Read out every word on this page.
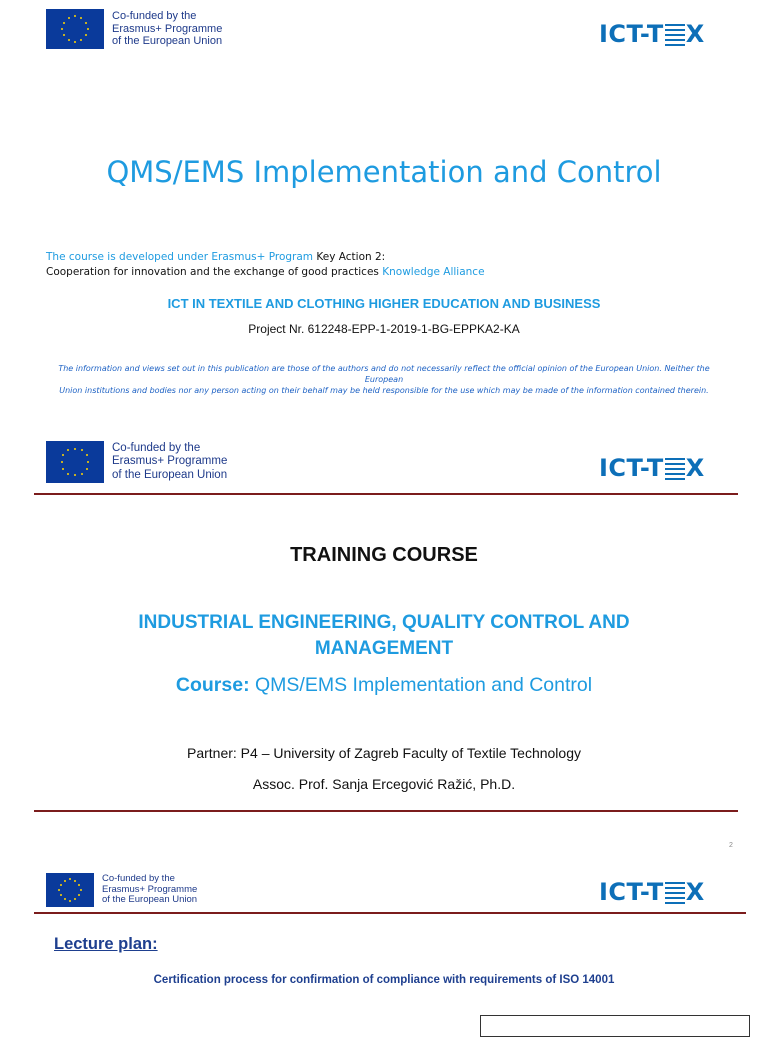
Co-funded by the
Erasmus+ Programme
of the European Union	ICT-T X
QMS/EMS Implementation and Control
The course is developed under Erasmus+ Program Key Action 2:
Cooperation for innovation and the exchange of good practices Knowledge Alliance
ICT IN TEXTILE AND CLOTHING HIGHER EDUCATION AND BUSINESS
Project Nr. 612248-EPP-1-2019-1-BG-EPPKA2-KA
The information and views set out in this publication are those of the authors and do not necessarily reflect the official opinion of the European Union. Neither the European
Union institutions and bodies nor any person acting on their behalf may be held responsible for the use which may be made of the information contained therein.
Co-funded by the
Erasmus+ Programme
of the European Union	ICT-T X
TRAINING COURSE
INDUSTRIAL ENGINEERING, QUALITY CONTROL AND
MANAGEMENT
Course: QMS/EMS Implementation and Control
Partner: P4 – University of Zagreb Faculty of Textile Technology
Assoc. Prof. Sanja Ercegović Ražić, Ph.D.
2
Co-funded by the
Erasmus+ Programme
of the European Union	ICT-T X
Lecture plan:
Certification process for confirmation of compliance with requirements of ISO 14001
